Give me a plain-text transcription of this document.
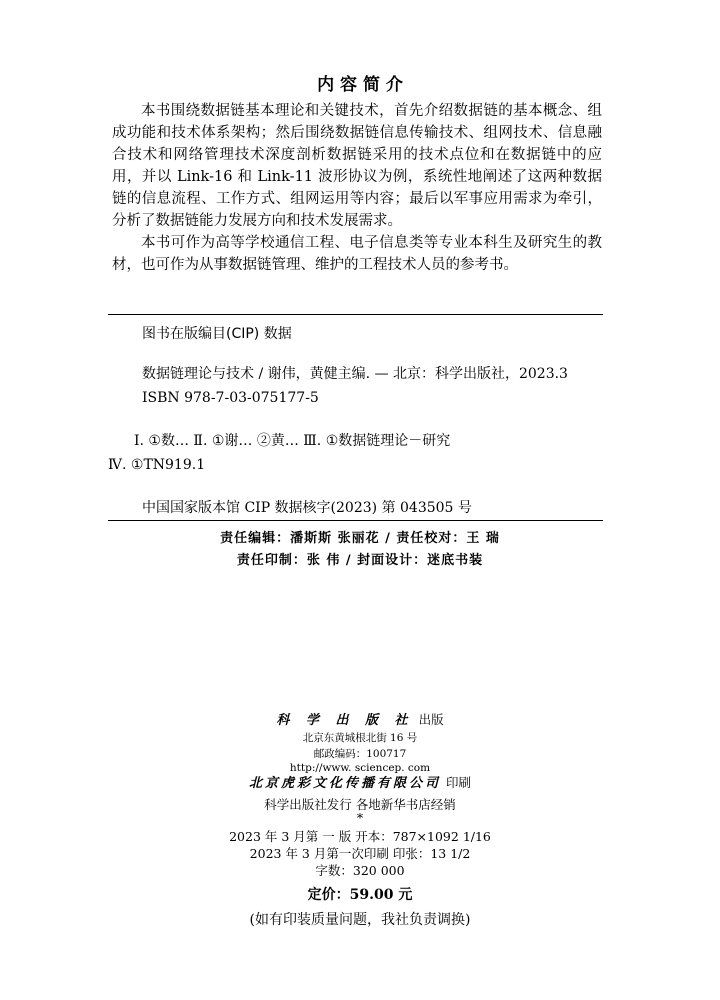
内 容 简 介

本书围绕数据链基本理论和关键技术，首先介绍数据链的基本概念、组成功能和技术体系架构；然后围绕数据链信息传输技术、组网技术、信息融合技术和网络管理技术深度剖析数据链采用的技术点位和在数据链中的应用，并以 Link-16 和 Link-11 波形协议为例，系统性地阐述了这两种数据链的信息流程、工作方式、组网运用等内容；最后以军事应用需求为牵引，分析了数据链能力发展方向和技术发展需求。

本书可作为高等学校通信工程、电子信息类等专业本科生及研究生的教材，也可作为从事数据链管理、维护的工程技术人员的参考书。

图书在版编目(CIP) 数据
数据链理论与技术 / 谢伟，黄健主编. — 北京：科学出版社，2023.3
ISBN 978-7-03-075177-5
Ⅰ. ①数… Ⅱ. ①谢… ②黄… Ⅲ. ①数据链理论－研究
Ⅳ. ①TN919.1
中国国家版本馆 CIP 数据核字(2023) 第 043505 号
责任编辑：潘斯斯 张丽花 / 责任校对：王 瑞
责任印制：张 伟 / 封面设计：迷底书装
科 学 出 版 社 出版
北京东黄城根北街 16 号
邮政编码：100717
http://www. sciencep. com
北京虎彩文化传播有限公司 印刷
科学出版社发行 各地新华书店经销
*
2023 年 3 月第 一 版 开本：787×1092 1/16
2023 年 3 月第一次印刷 印张：13 1/2
字数：320 000
定价：59.00 元
(如有印装质量问题，我社负责调换)
